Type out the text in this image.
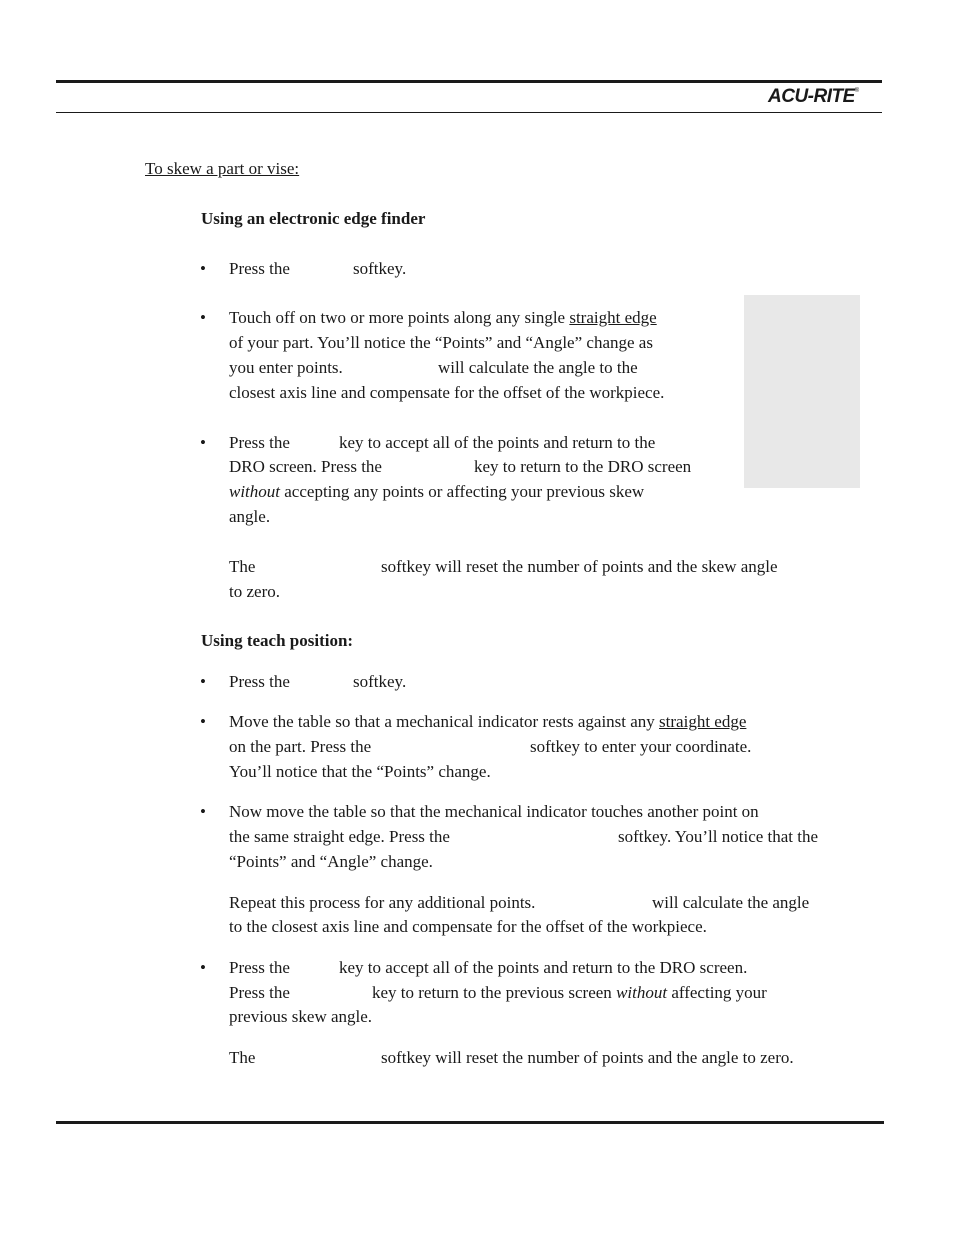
ACU-RITE®
To skew a part or vise:
Using an electronic edge finder
• Press the	softkey.
• Touch off on two or more points along any single straight edge
of your part. You’ll notice the “Points” and “Angle” change as
you enter points.	will calculate the angle to the
closest axis line and compensate for the offset of the workpiece.
• Press the	key to accept all of the points and return to the
DRO screen. Press the	key to return to the DRO screen
without accepting any points or affecting your previous skew
angle.
The	softkey will reset the number of points and the skew angle
to zero.
Using teach position:
• Press the	softkey.
• Move the table so that a mechanical indicator rests against any straight edge
on the part. Press the	softkey to enter your coordinate.
You’ll notice that the “Points” change.
• Now move the table so that the mechanical indicator touches another point on
the same straight edge. Press the	softkey. You’ll notice that the
“Points” and “Angle” change.
Repeat this process for any additional points.	will calculate the angle
to the closest axis line and compensate for the offset of the workpiece.
• Press the	key to accept all of the points and return to the DRO screen.
Press the	key to return to the previous screen without affecting your
previous skew angle.
The	softkey will reset the number of points and the angle to zero.
